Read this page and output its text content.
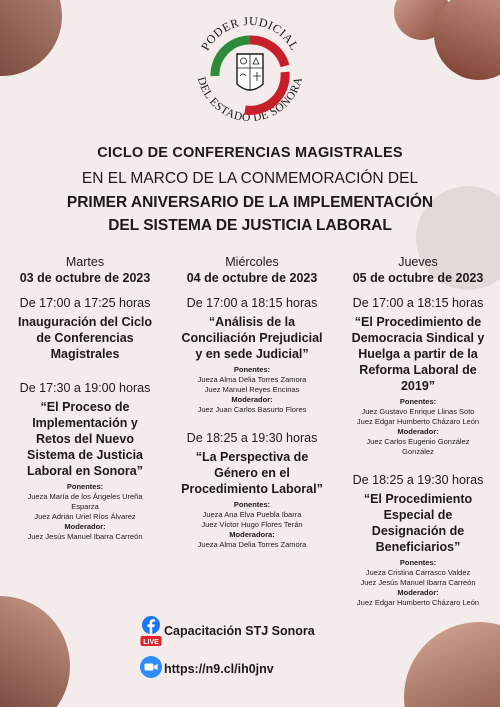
PODER JUDICIAL
DEL ESTADO DE SONORA
CICLO DE CONFERENCIAS MAGISTRALES
EN EL MARCO DE LA CONMEMORACIÓN DEL
PRIMER ANIVERSARIO DE LA IMPLEMENTACIÓN
DEL SISTEMA DE JUSTICIA LABORAL
Martes
03 de octubre de 2023
De 17:00 a 17:25 horas
Inauguración del Ciclo
de Conferencias
Magistrales
De 17:30 a 19:00 horas
“El Proceso de
Implementación y
Retos del Nuevo
Sistema de Justicia
Laboral en Sonora”
Ponentes:
Jueza María de los Ángeles Ureña
Esparza
Juez Adrián Uriel Ríos Álvarez
Moderador:
Juez Jesús Manuel Ibarra Carreón
Miércoles
04 de octubre de 2023
De 17:00 a 18:15 horas
“Análisis de la
Conciliación Prejudicial
y en sede Judicial”
Ponentes:
Jueza Alma Delia Torres Zamora
Juez Manuel Reyes Encinas
Moderador:
Juez Juan Carlos Basurto Flores
De 18:25 a 19:30 horas
“La Perspectiva de
Género en el
Procedimiento Laboral”
Ponentes:
Jueza Ana Elva Puebla Ibarra
Juez Víctor Hugo Flores Terán
Moderadora:
Jueza Alma Delia Torres Zamora
Jueves
05 de octubre de 2023
De 17:00 a 18:15 horas
“El Procedimiento de
Democracia Sindical y
Huelga a partir de la
Reforma Laboral de
2019”
Ponentes:
Juez Gustavo Enrique Llinas Soto
Juez Edgar Humberto Cházaro León
Moderador:
Juez Carlos Eugenio González
González
De 18:25 a 19:30 horas
“El Procedimiento
Especial de
Designación de
Beneficiarios”
Ponentes:
Jueza Cristina Carrasco Valdez
Juez Jesús Manuel Ibarra Carreón
Moderador:
Juez Edgar Humberto Cházaro León
LIVE
Capacitación STJ Sonora
https://n9.cl/ih0jnv
